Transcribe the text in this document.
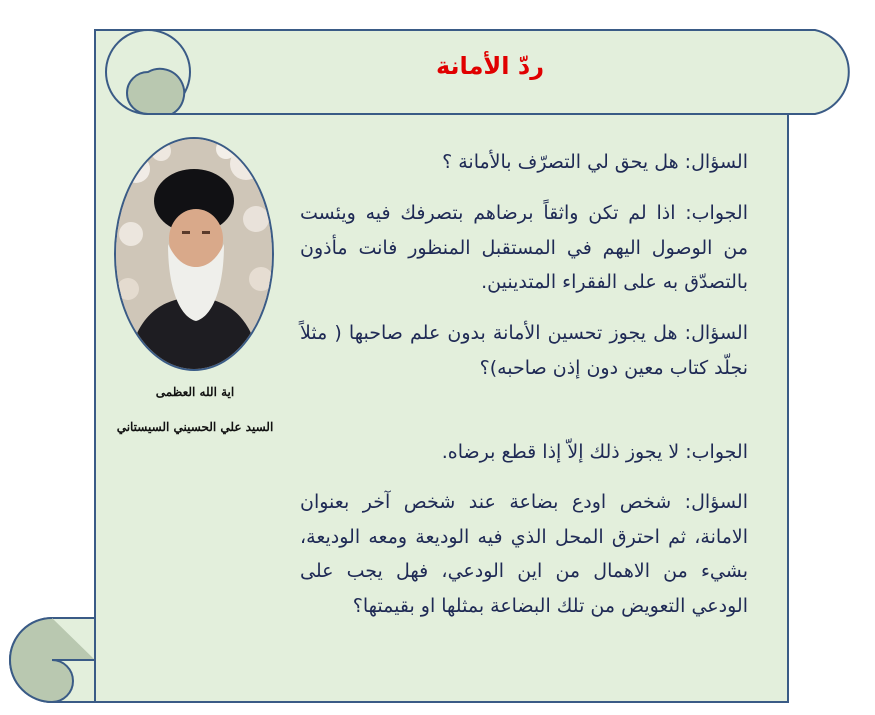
ردّ الأمانة
السؤال: هل يحق لي التصرّف بالأمانة ؟
الجواب: اذا لم تكن واثقاً برضاهم بتصرفك فيه ويئست من الوصول اليهم في المستقبل المنظور فانت مأذون بالتصدّق به على الفقراء المتدينين.
السؤال: هل يجوز تحسين الأمانة بدون علم صاحبها ( مثلاً نجلّد كتاب معين دون إذن صاحبه)؟
الجواب: لا يجوز ذلك إلاّ إذا قطع برضاه.
السؤال: شخص اودع بضاعة عند شخص آخر بعنوان الامانة، ثم احترق المحل الذي فيه الوديعة ومعه الوديعة، بشيء من الاهمال من اين الودعي، فهل يجب على الودعي التعويض من تلك البضاعة بمثلها او بقيمتها؟
اية الله العظمى
السيد علي الحسيني السيستاني
